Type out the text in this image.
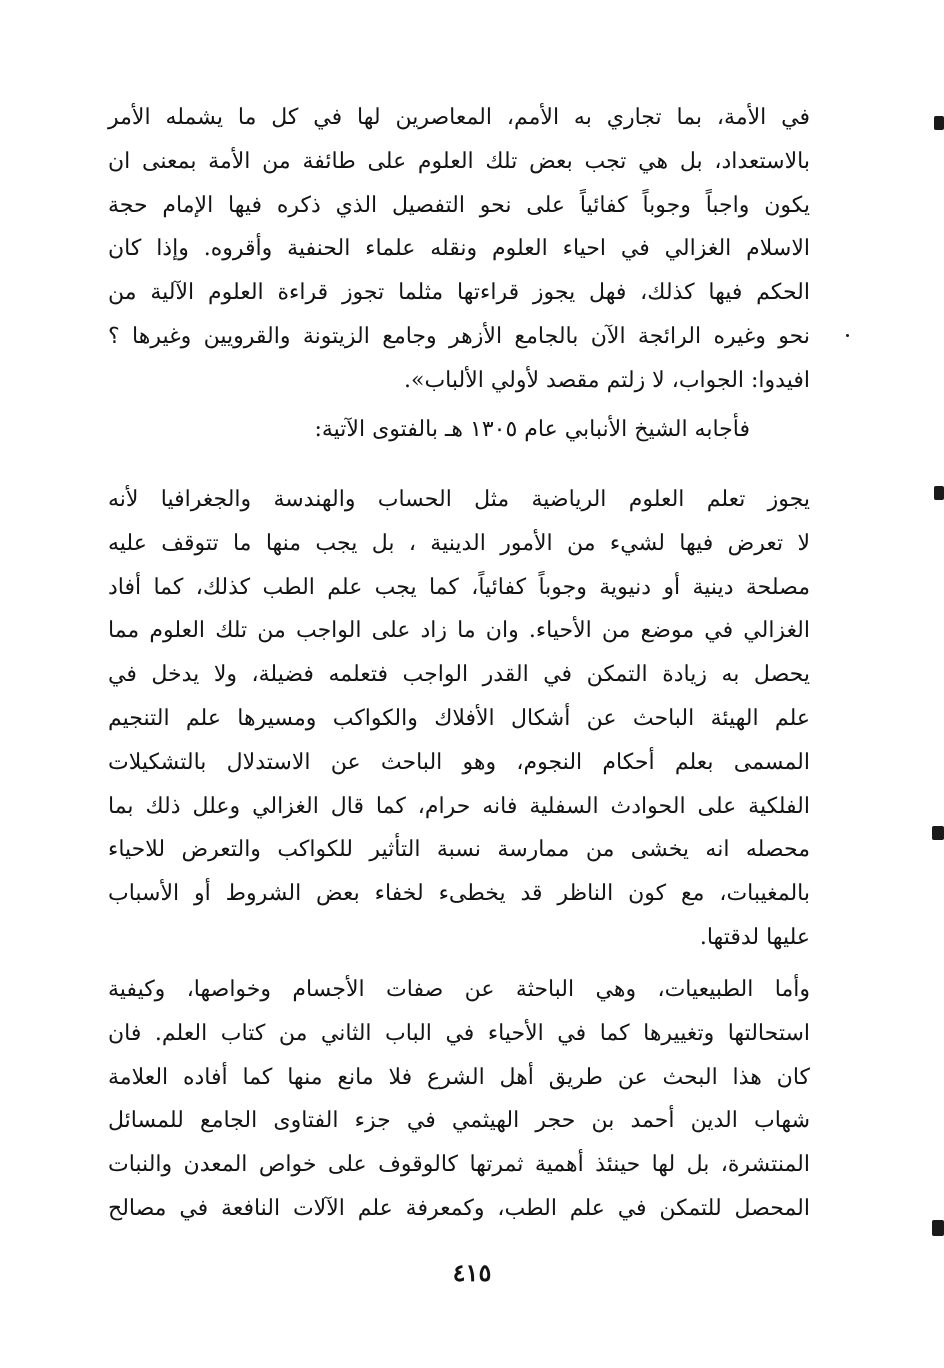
في الأمة، بما تجاري به الأمم، المعاصرين لها في كل ما يشمله الأمر
بالاستعداد، بل هي تجب بعض تلك العلوم على طائفة من الأمة بمعنى ان
يكون واجباً وجوباً كفائياً على نحو التفصيل الذي ذكره فيها الإمام حجة
الاسلام الغزالي في احياء العلوم ونقله علماء الحنفية وأقروه. وإذا كان
الحكم فيها كذلك، فهل يجوز قراءتها مثلما تجوز قراءة العلوم الآلية من
نحو وغيره الرائجة الآن بالجامع الأزهر وجامع الزيتونة والقرويين وغيرها ؟
افيدوا: الجواب، لا زلتم مقصد لأولي الألباب».
فأجابه الشيخ الأنبابي عام ١٣٠٥ هـ بالفتوى الآتية:
يجوز تعلم العلوم الرياضية مثل الحساب والهندسة والجغرافيا لأنه
لا تعرض فيها لشيء من الأمور الدينية ، بل يجب منها ما تتوقف عليه
مصلحة دينية أو دنيوية وجوباً كفائياً، كما يجب علم الطب كذلك، كما أفاد
الغزالي في موضع من الأحياء. وان ما زاد على الواجب من تلك العلوم مما
يحصل به زيادة التمكن في القدر الواجب فتعلمه فضيلة، ولا يدخل في
علم الهيئة الباحث عن أشكال الأفلاك والكواكب ومسيرها علم التنجيم
المسمى بعلم أحكام النجوم، وهو الباحث عن الاستدلال بالتشكيلات
الفلكية على الحوادث السفلية فانه حرام، كما قال الغزالي وعلل ذلك بما
محصله انه يخشى من ممارسة نسبة التأثير للكواكب والتعرض للاحياء
بالمغيبات، مع كون الناظر قد يخطىء لخفاء بعض الشروط أو الأسباب
عليها لدقتها.
وأما الطبيعيات، وهي الباحثة عن صفات الأجسام وخواصها، وكيفية
استحالتها وتغييرها كما في الأحياء في الباب الثاني من كتاب العلم. فان
كان هذا البحث عن طريق أهل الشرع فلا مانع منها كما أفاده العلامة
شهاب الدين أحمد بن حجر الهيثمي في جزء الفتاوى الجامع للمسائل
المنتشرة، بل لها حينئذ أهمية ثمرتها كالوقوف على خواص المعدن والنبات
المحصل للتمكن في علم الطب، وكمعرفة علم الآلات النافعة في مصالح
٤١٥
